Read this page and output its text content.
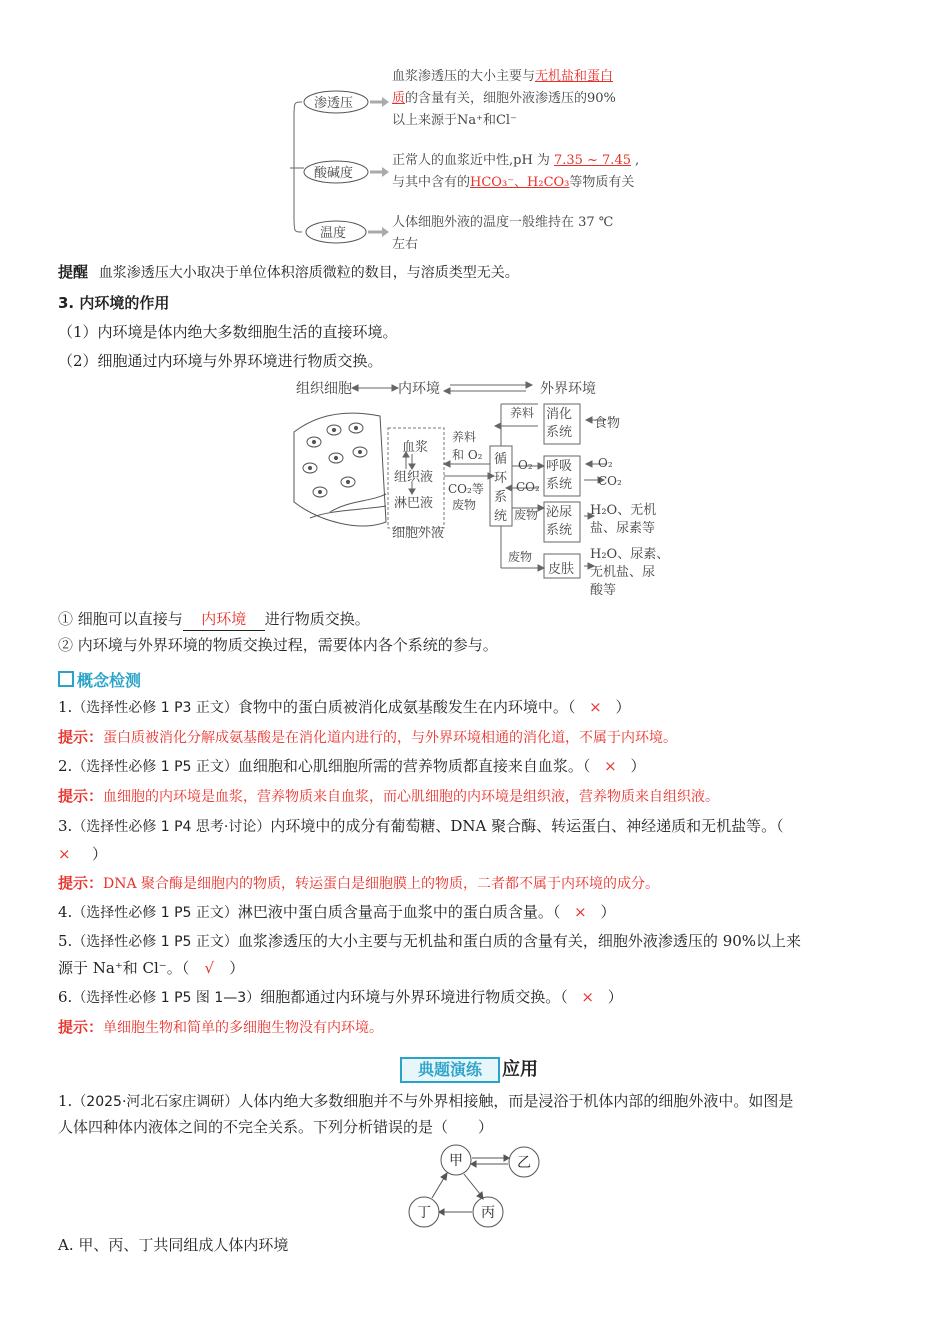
渗透压
酸碱度
温度
血浆渗透压的大小主要与无机盐和蛋白
质的含量有关，细胞外液渗透压的90%
以上来源于Na⁺和Cl⁻
正常人的血浆近中性,pH 为 7.35 ~ 7.45 ,
与其中含有的HCO₃⁻、H₂CO₃等物质有关
人体细胞外液的温度一般维持在 37 ℃
左右
提醒 血浆渗透压大小取决于单位体积溶质微粒的数目，与溶质类型无关。
3. 内环境的作用
（1）内环境是体内绝大多数细胞生活的直接环境。
（2）细胞通过内环境与外界环境进行物质交换。
组织细胞	内环境	外界环境
血浆
组织液
淋巴液
细胞外液
养料
和 O₂
CO₂等
废物
循
环
系
统
养料 消化
系统
食物
O₂
CO₂
呼吸
系统
O₂
CO₂
废物 泌尿
系统
H₂O、无机
盐、尿素等
废物
皮肤
H₂O、尿素、
无机盐、尿
酸等
① 细胞可以直接与 内环境 进行物质交换。
② 内环境与外界环境的物质交换过程，需要体内各个系统的参与。
概念检测
1.（选择性必修 1 P3 正文）食物中的蛋白质被消化成氨基酸发生在内环境中。（ × ）
提示：蛋白质被消化分解成氨基酸是在消化道内进行的，与外界环境相通的消化道，不属于内环境。
2.（选择性必修 1 P5 正文）血细胞和心肌细胞所需的营养物质都直接来自血浆。（ × ）
提示：血细胞的内环境是血浆，营养物质来自血浆，而心肌细胞的内环境是组织液，营养物质来自组织液。
3.（选择性必修 1 P4 思考·讨论）内环境中的成分有葡萄糖、DNA 聚合酶、转运蛋白、神经递质和无机盐等。（
× ）
提示：DNA 聚合酶是细胞内的物质，转运蛋白是细胞膜上的物质，二者都不属于内环境的成分。
4.（选择性必修 1 P5 正文）淋巴液中蛋白质含量高于血浆中的蛋白质含量。（ × ）
5.（选择性必修 1 P5 正文）血浆渗透压的大小主要与无机盐和蛋白质的含量有关，细胞外液渗透压的 90%以上来
源于 Na⁺和 Cl⁻。（ √ ）
6.（选择性必修 1 P5 图 1—3）细胞都通过内环境与外界环境进行物质交换。（ × ）
提示：单细胞生物和简单的多细胞生物没有内环境。
典题演练	应用
1.（2025·河北石家庄调研）人体内绝大多数细胞并不与外界相接触，而是浸浴于机体内部的细胞外液中。如图是
人体四种体内液体之间的不完全关系。下列分析错误的是（　　）
甲	乙
丁	丙
A. 甲、丙、丁共同组成人体内环境
